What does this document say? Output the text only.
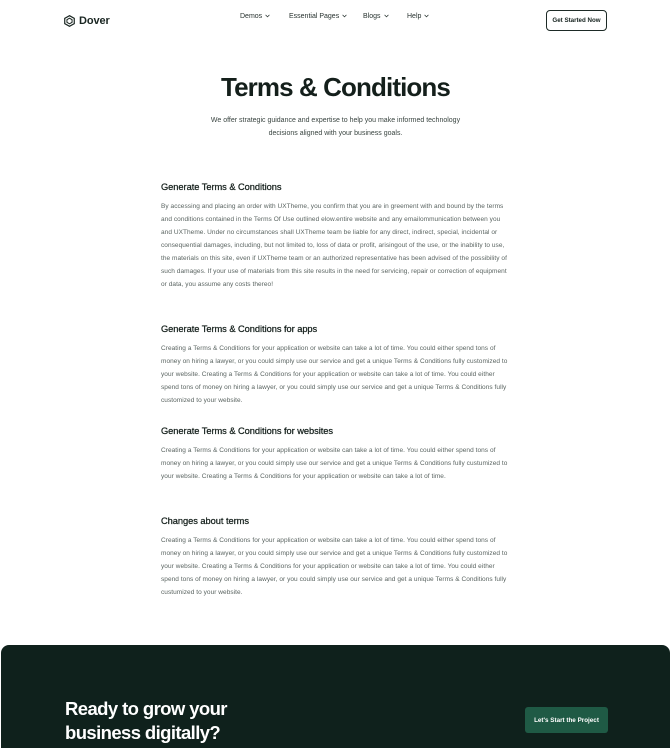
Dover	Demos	Essential Pages	Blogs	Help
Get Started Now
Terms & Conditions

We offer strategic guidance and expertise to help you make informed technology decisions aligned with your business goals.

Generate Terms & Conditions

By accessing and placing an order with UXTheme, you confirm that you are in greement with and bound by the terms and conditions contained in the Terms Of Use outlined elow.entire website and any emailommunication between you and UXTheme. Under no circumstances shall UXTheme team be liable for any direct, indirect, special, incidental or consequential damages, including, but not limited to, loss of data or profit, arisingout of the use, or the inability to use, the materials on this site, even if UXTheme team or an authorized representative has been advised of the possibility of such damages. If your use of materials from this site results in the need for servicing, repair or correction of equipment or data, you assume any costs thereo!

Generate Terms & Conditions for apps

Creating a Terms & Conditions for your application or website can take a lot of time. You could either spend tons of money on hiring a lawyer, or you could simply use our service and get a unique Terms & Conditions fully customized to your website. Creating a Terms & Conditions for your application or website can take a lot of time. You could either spend tons of money on hiring a lawyer, or you could simply use our service and get a unique Terms & Conditions fully customized to your website.

Generate Terms & Conditions for websites

Creating a Terms & Conditions for your application or website can take a lot of time. You could either spend tons of money on hiring a lawyer, or you could simply use our service and get a unique Terms & Conditions fully custumized to your website. Creating a Terms & Conditions for your application or website can take a lot of time.

Changes about terms

Creating a Terms & Conditions for your application or website can take a lot of time. You could either spend tons of money on hiring a lawyer, or you could simply use our service and get a unique Terms & Conditions fully customized to your website. Creating a Terms & Conditions for your application or website can take a lot of time. You could either spend tons of money on hiring a lawyer, or you could simply use our service and get a unique Terms & Conditions fully custumized to your website.

Ready to grow your business digitally?
Let's Start the Project
